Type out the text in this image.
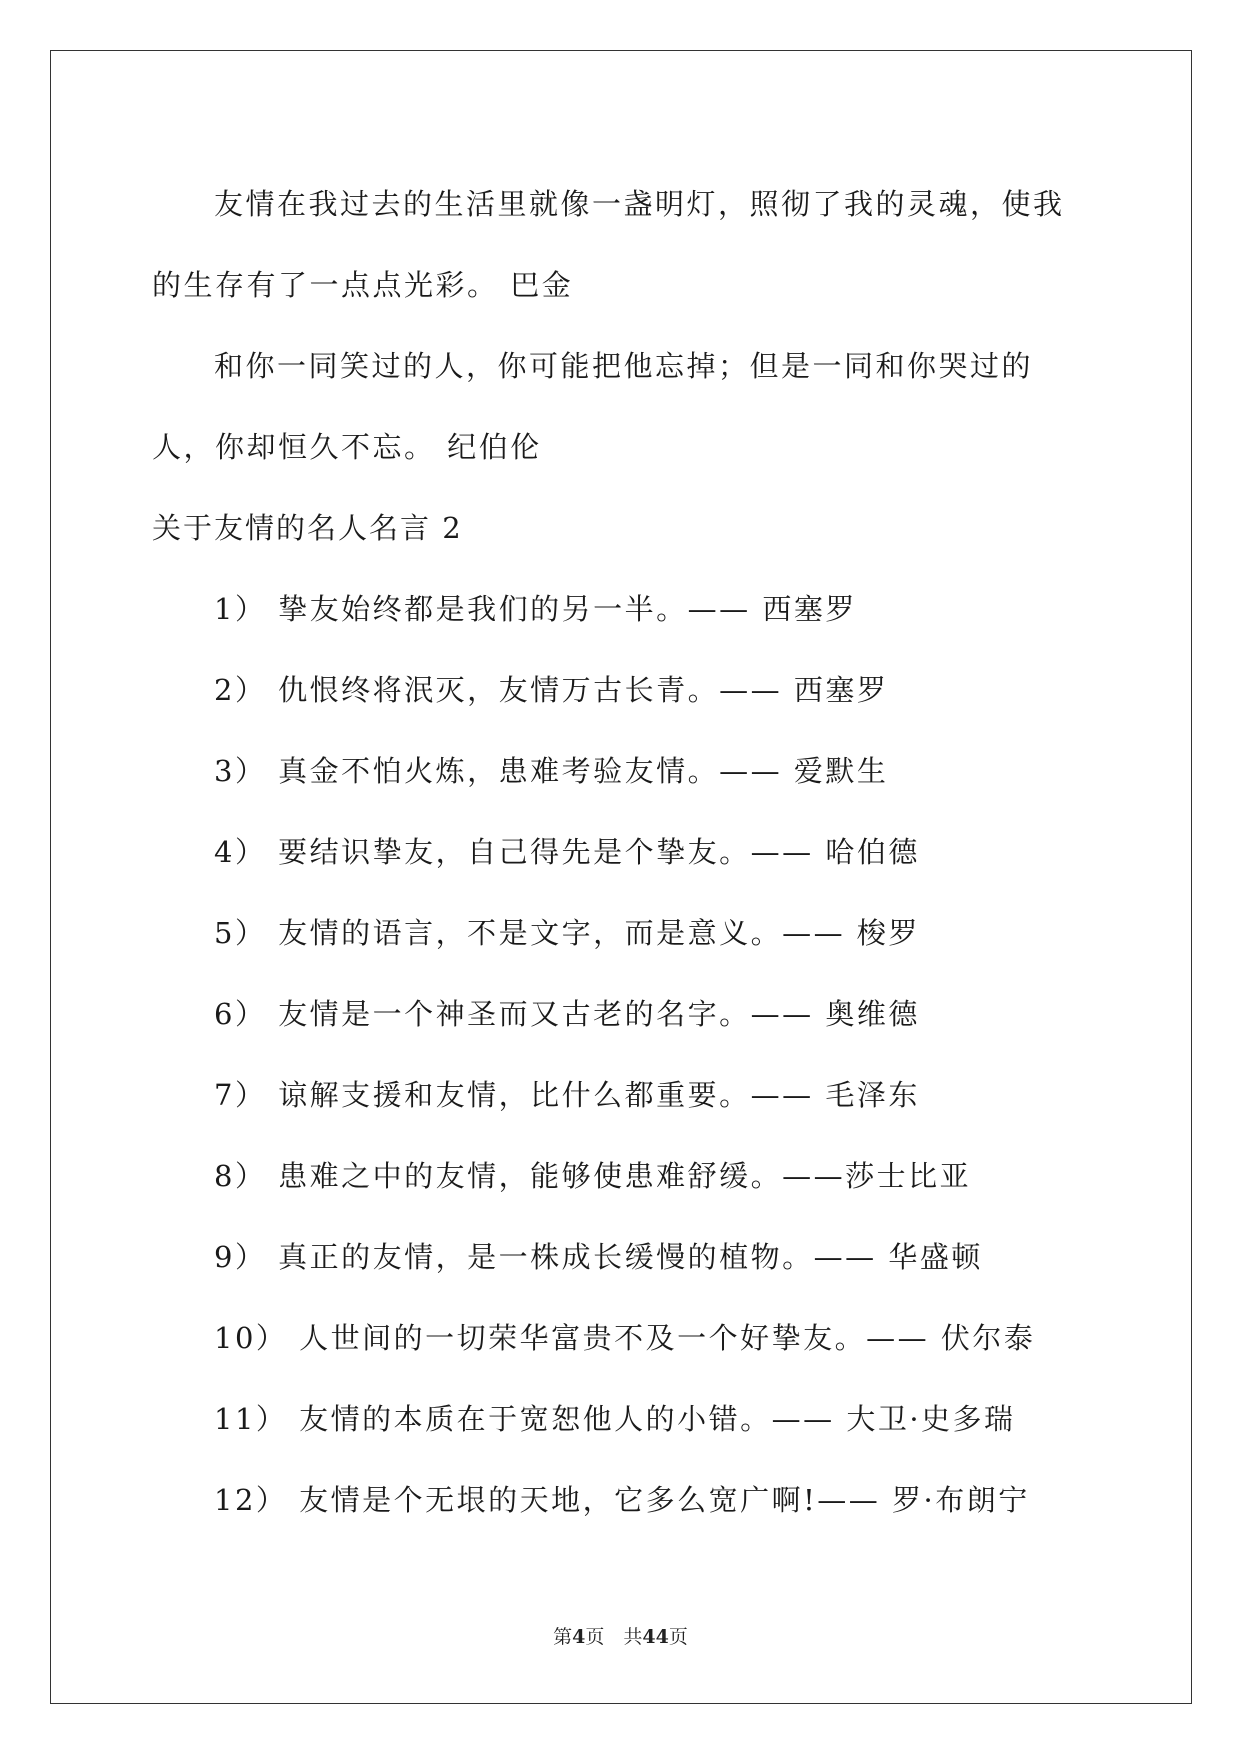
友情在我过去的生活里就像一盏明灯，照彻了我的灵魂，使我的生存有了一点点光彩。 巴金

和你一同笑过的人，你可能把他忘掉；但是一同和你哭过的人，你却恒久不忘。 纪伯伦

关于友情的名人名言 2

1） 挚友始终都是我们的另一半。—— 西塞罗
2） 仇恨终将泯灭，友情万古长青。—— 西塞罗
3） 真金不怕火炼，患难考验友情。—— 爱默生
4） 要结识挚友，自己得先是个挚友。—— 哈伯德
5） 友情的语言，不是文字，而是意义。—— 梭罗
6） 友情是一个神圣而又古老的名字。—— 奥维德
7） 谅解支援和友情，比什么都重要。—— 毛泽东
8） 患难之中的友情，能够使患难舒缓。——莎士比亚
9） 真正的友情，是一株成长缓慢的植物。—— 华盛顿
10） 人世间的一切荣华富贵不及一个好挚友。—— 伏尔泰
11） 友情的本质在于宽恕他人的小错。—— 大卫·史多瑞
12） 友情是个无垠的天地，它多么宽广啊!—— 罗·布朗宁
第4页　共44页
